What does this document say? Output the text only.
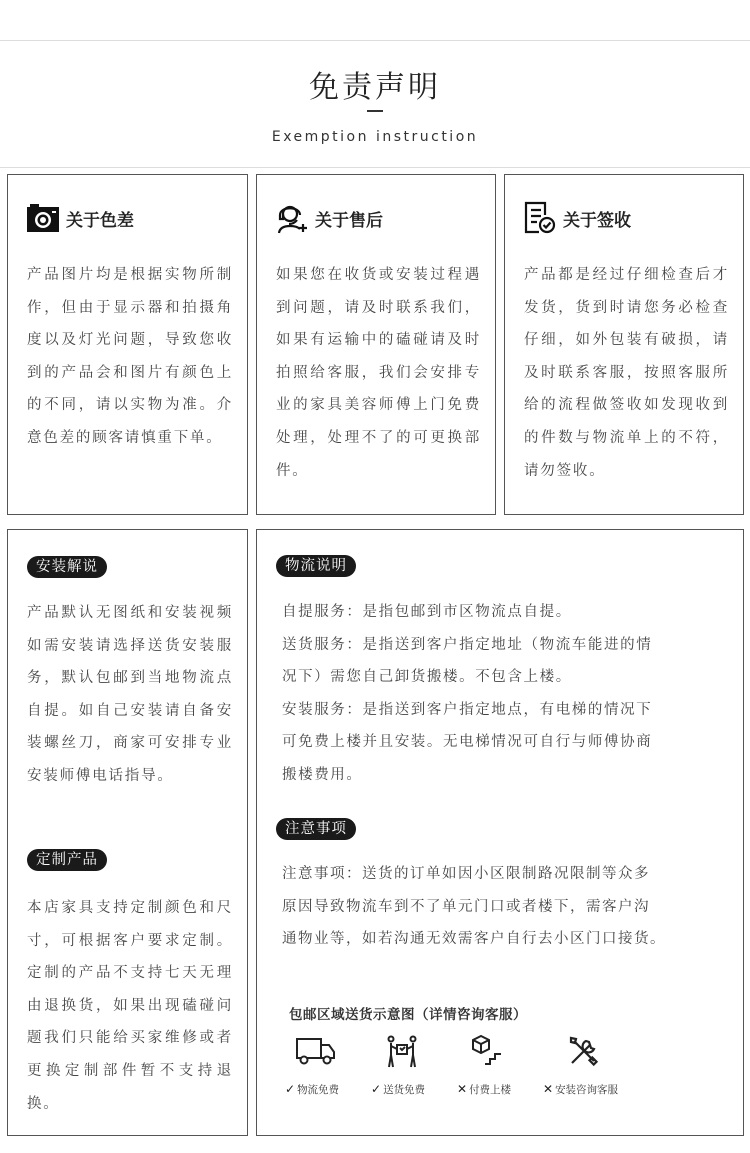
免责声明
Exemption instruction
关于色差
产品图片均是根据实物所制作，但由于显示器和拍摄角度以及灯光问题，导致您收到的产品会和图片有颜色上的不同，请以实物为准。介意色差的顾客请慎重下单。
关于售后
如果您在收货或安装过程遇到问题，请及时联系我们，如果有运输中的磕碰请及时拍照给客服，我们会安排专业的家具美容师傅上门免费处理，处理不了的可更换部件。
关于签收
产品都是经过仔细检查后才发货，货到时请您务必检查仔细，如外包装有破损，请及时联系客服，按照客服所给的流程做签收如发现收到的件数与物流单上的不符，请勿签收。
安装解说
产品默认无图纸和安装视频如需安装请选择送货安装服务，默认包邮到当地物流点自提。如自己安装请自备安装螺丝刀，商家可安排专业安装师傅电话指导。
定制产品
本店家具支持定制颜色和尺寸，可根据客户要求定制。定制的产品不支持七天无理由退换货，如果出现磕碰问题我们只能给买家维修或者更换定制部件暂不支持退换。
物流说明
自提服务：是指包邮到市区物流点自提。
送货服务：是指送到客户指定地址（物流车能进的情
况下）需您自己卸货搬楼。不包含上楼。
安装服务：是指送到客户指定地点，有电梯的情况下
可免费上楼并且安装。无电梯情况可自行与师傅协商
搬楼费用。
注意事项
注意事项：送货的订单如因小区限制路况限制等众多
原因导致物流车到不了单元门口或者楼下，需客户沟
通物业等，如若沟通无效需客户自行去小区门口接货。
包邮区域送货示意图（详情咨询客服）
✓ 物流免费	✓ 送货免费	✕ 付费上楼	✕ 安装咨询客服
